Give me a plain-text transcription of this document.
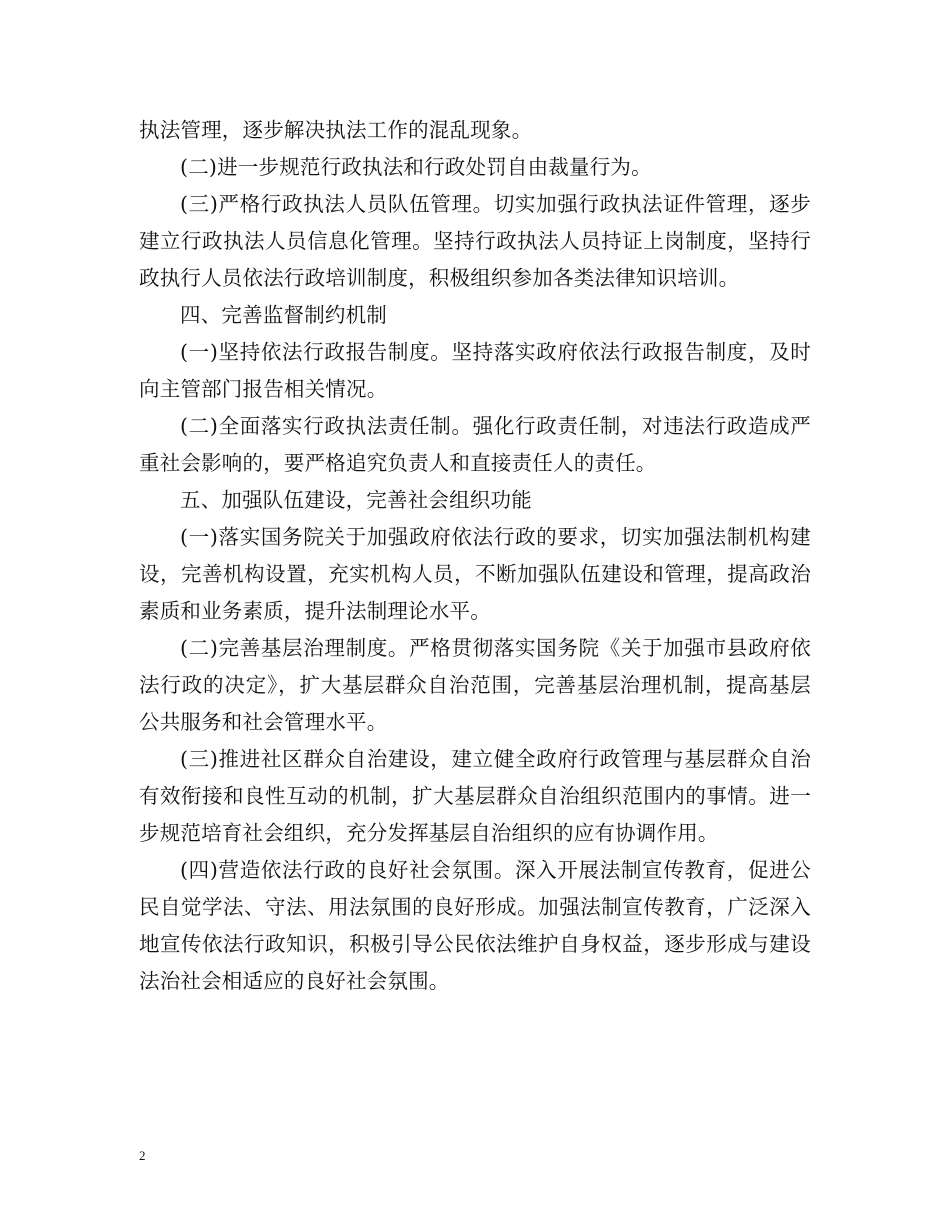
执法管理，逐步解决执法工作的混乱现象。

(二)进一步规范行政执法和行政处罚自由裁量行为。

(三)严格行政执法人员队伍管理。切实加强行政执法证件管理，逐步建立行政执法人员信息化管理。坚持行政执法人员持证上岗制度，坚持行政执行人员依法行政培训制度，积极组织参加各类法律知识培训。

四、完善监督制约机制

(一)坚持依法行政报告制度。坚持落实政府依法行政报告制度，及时向主管部门报告相关情况。

(二)全面落实行政执法责任制。强化行政责任制，对违法行政造成严重社会影响的，要严格追究负责人和直接责任人的责任。

五、加强队伍建设，完善社会组织功能

(一)落实国务院关于加强政府依法行政的要求，切实加强法制机构建设，完善机构设置，充实机构人员，不断加强队伍建设和管理，提高政治素质和业务素质，提升法制理论水平。

(二)完善基层治理制度。严格贯彻落实国务院《关于加强市县政府依法行政的决定》，扩大基层群众自治范围，完善基层治理机制，提高基层公共服务和社会管理水平。

(三)推进社区群众自治建设，建立健全政府行政管理与基层群众自治有效衔接和良性互动的机制，扩大基层群众自治组织范围内的事情。进一步规范培育社会组织，充分发挥基层自治组织的应有协调作用。

(四)营造依法行政的良好社会氛围。深入开展法制宣传教育，促进公民自觉学法、守法、用法氛围的良好形成。加强法制宣传教育，广泛深入地宣传依法行政知识，积极引导公民依法维护自身权益，逐步形成与建设法治社会相适应的良好社会氛围。

2
